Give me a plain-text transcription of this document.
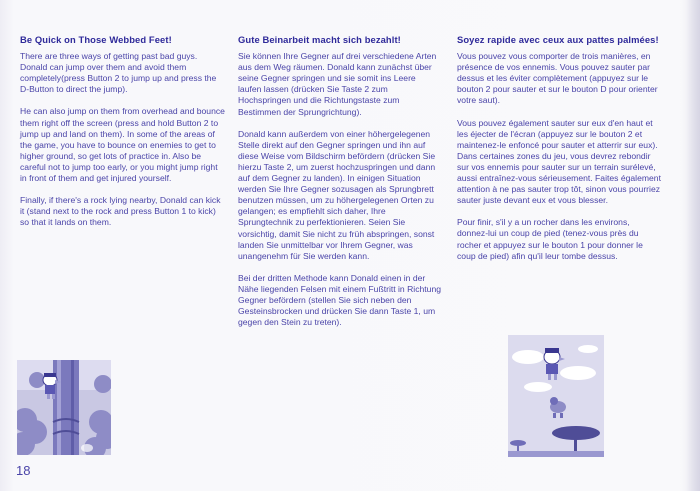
Be Quick on Those Webbed Feet!

There are three ways of getting past bad guys. Donald can jump over them and avoid them completely(press Button 2 to jump up and press the D-Button to direct the jump).

He can also jump on them from overhead and bounce them right off the screen (press and hold Button 2 to jump up and land on them). In some of the areas of the game, you have to bounce on enemies to get to higher ground, so get lots of practice in. Also be careful not to jump too early, or you might jump right in front of them and get injured yourself.

Finally, if there's a rock lying nearby, Donald can kick it (stand next to the rock and press Button 1 to kick) so that it lands on them.

Gute Beinarbeit macht sich bezahlt!

Sie können Ihre Gegner auf drei verschiedene Arten aus dem Weg räumen. Donald kann zunächst über seine Gegner springen und sie somit ins Leere laufen lassen (drücken Sie Taste 2 zum Hochspringen und die Richtungstaste zum Bestimmen der Sprungrichtung).

Donald kann außerdem von einer höhergelegenen Stelle direkt auf den Gegner springen und ihn auf diese Weise vom Bildschirm befördern (drücken Sie hierzu Taste 2, um zuerst hochzuspringen und dann auf dem Gegner zu landen). In einigen Situation werden Sie Ihre Gegner sozusagen als Sprungbrett benutzen müssen, um zu höhergelegenen Orten zu gelangen; es empfiehlt sich daher, Ihre Sprungtechnik zu perfektionieren. Seien Sie vorsichtig, damit Sie nicht zu früh abspringen, sonst landen Sie unmittelbar vor Ihrem Gegner, was unangenehm für Sie werden kann.

Bei der dritten Methode kann Donald einen in der Nähe liegenden Felsen mit einem Fußtritt in Richtung Gegner befördern (stellen Sie sich neben den Gesteinsbrocken und drücken Sie dann Taste 1, um gegen den Stein zu treten).

Soyez rapide avec ceux aux pattes palmées!

Vous pouvez vous comporter de trois manières, en présence de vos ennemis. Vous pouvez sauter par dessus et les éviter complètement (appuyez sur le bouton 2 pour sauter et sur le bouton D pour orienter votre saut).

Vous pouvez également sauter sur eux d'en haut et les éjecter de l'écran (appuyez sur le bouton 2 et maintenez-le enfoncé pour sauter et atterrir sur eux). Dans certaines zones du jeu, vous devrez rebondir sur vos ennemis pour sauter sur un terrain surélevé, aussi entraînez-vous sérieusement. Faites également attention à ne pas sauter trop tôt, sinon vous pourriez sauter juste devant eux et vous blesser.

Pour finir, s'il y a un rocher dans les environs, donnez-lui un coup de pied (tenez-vous près du rocher et appuyez sur le bouton 1 pour donner le coup de pied) afin qu'il leur tombe dessus.

18
